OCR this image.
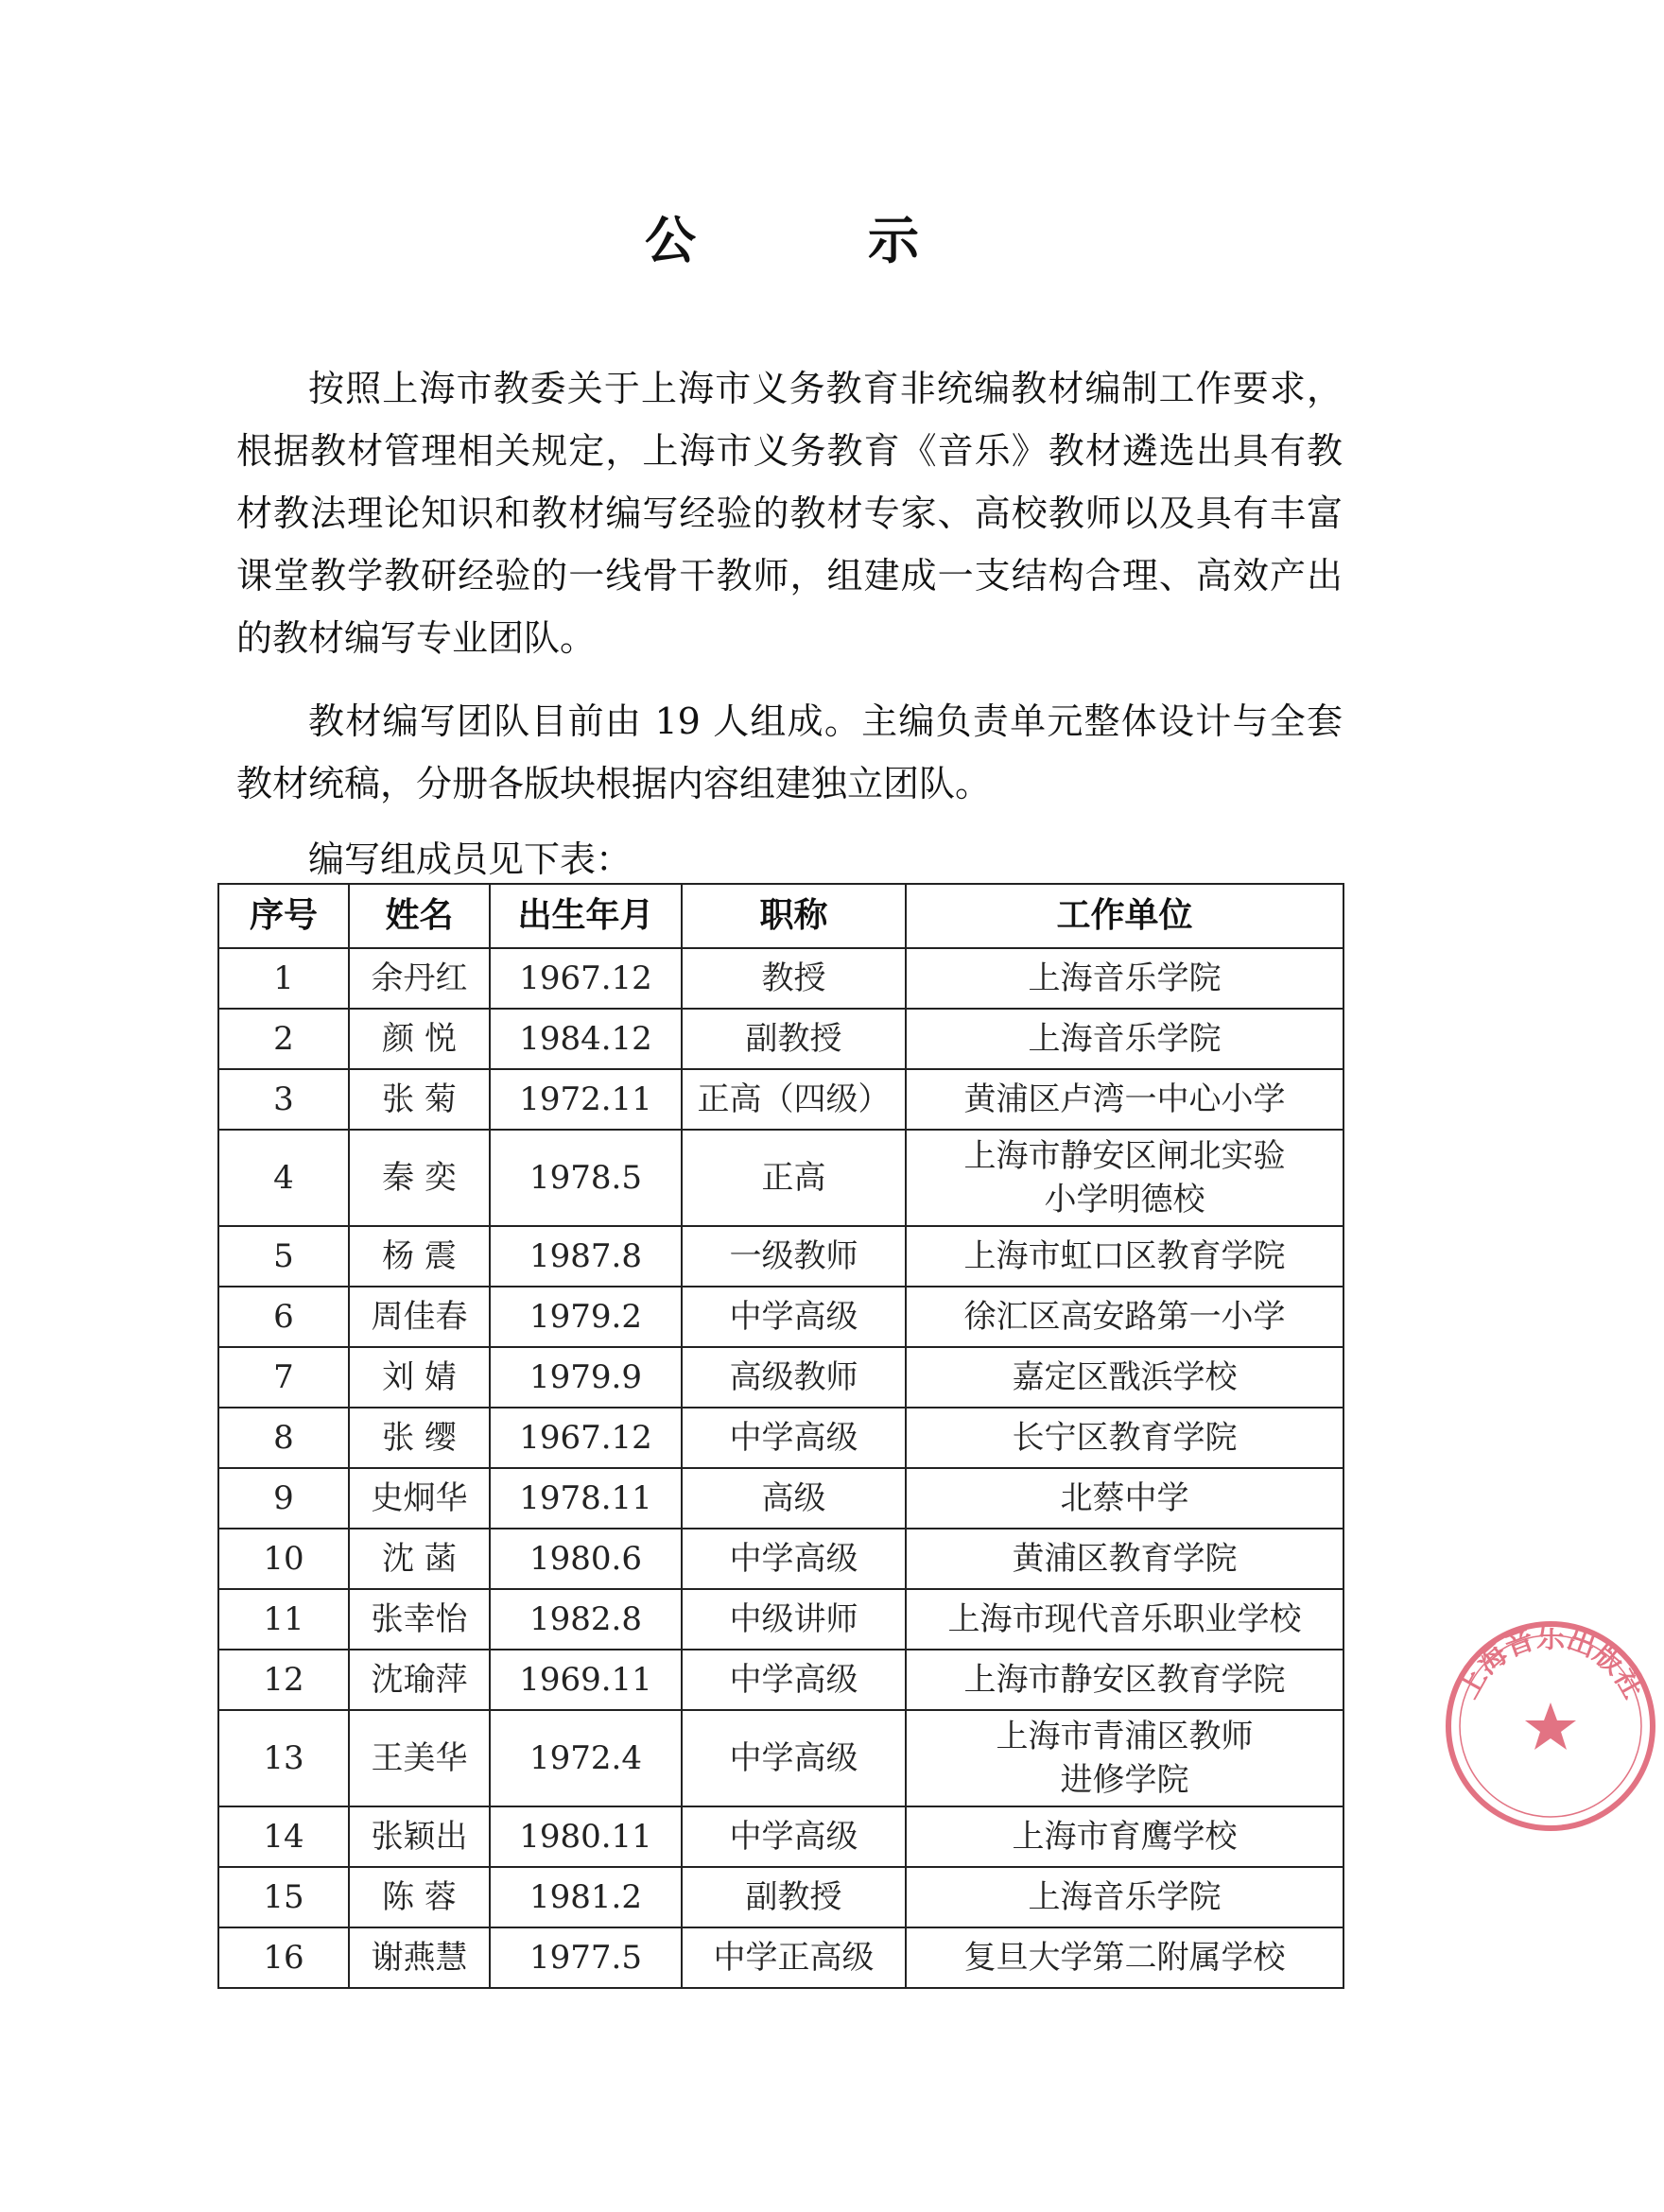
公　示

按照上海市教委关于上海市义务教育非统编教材编制工作要求，根据教材管理相关规定，上海市义务教育《音乐》教材遴选出具有教材教法理论知识和教材编写经验的教材专家、高校教师以及具有丰富课堂教学教研经验的一线骨干教师，组建成一支结构合理、高效产出的教材编写专业团队。

教材编写团队目前由 19 人组成。主编负责单元整体设计与全套教材统稿，分册各版块根据内容组建独立团队。

编写组成员见下表：

序号	姓名	出生年月	职称	工作单位
1	余丹红	1967.12	教授	上海音乐学院
2	颜 悦	1984.12	副教授	上海音乐学院
3	张 菊	1972.11	正高（四级）	黄浦区卢湾一中心小学
4	秦 奕	1978.5	正高	上海市静安区闸北实验
小学明德校
5	杨 震	1987.8	一级教师	上海市虹口区教育学院
6	周佳春	1979.2	中学高级	徐汇区高安路第一小学
7	刘 婧	1979.9	高级教师	嘉定区戬浜学校
8	张 缨	1967.12	中学高级	长宁区教育学院
9	史炯华	1978.11	高级	北蔡中学
10	沈 菡	1980.6	中学高级	黄浦区教育学院
11	张幸怡	1982.8	中级讲师	上海市现代音乐职业学校
12	沈瑜萍	1969.11	中学高级	上海市静安区教育学院
13	王美华	1972.4	中学高级	上海市青浦区教师
进修学院
14	张颖出	1980.11	中学高级	上海市育鹰学校
15	陈 蓉	1981.2	副教授	上海音乐学院
16	谢燕慧	1977.5	中学正高级	复旦大学第二附属学校
上海音乐出版社
